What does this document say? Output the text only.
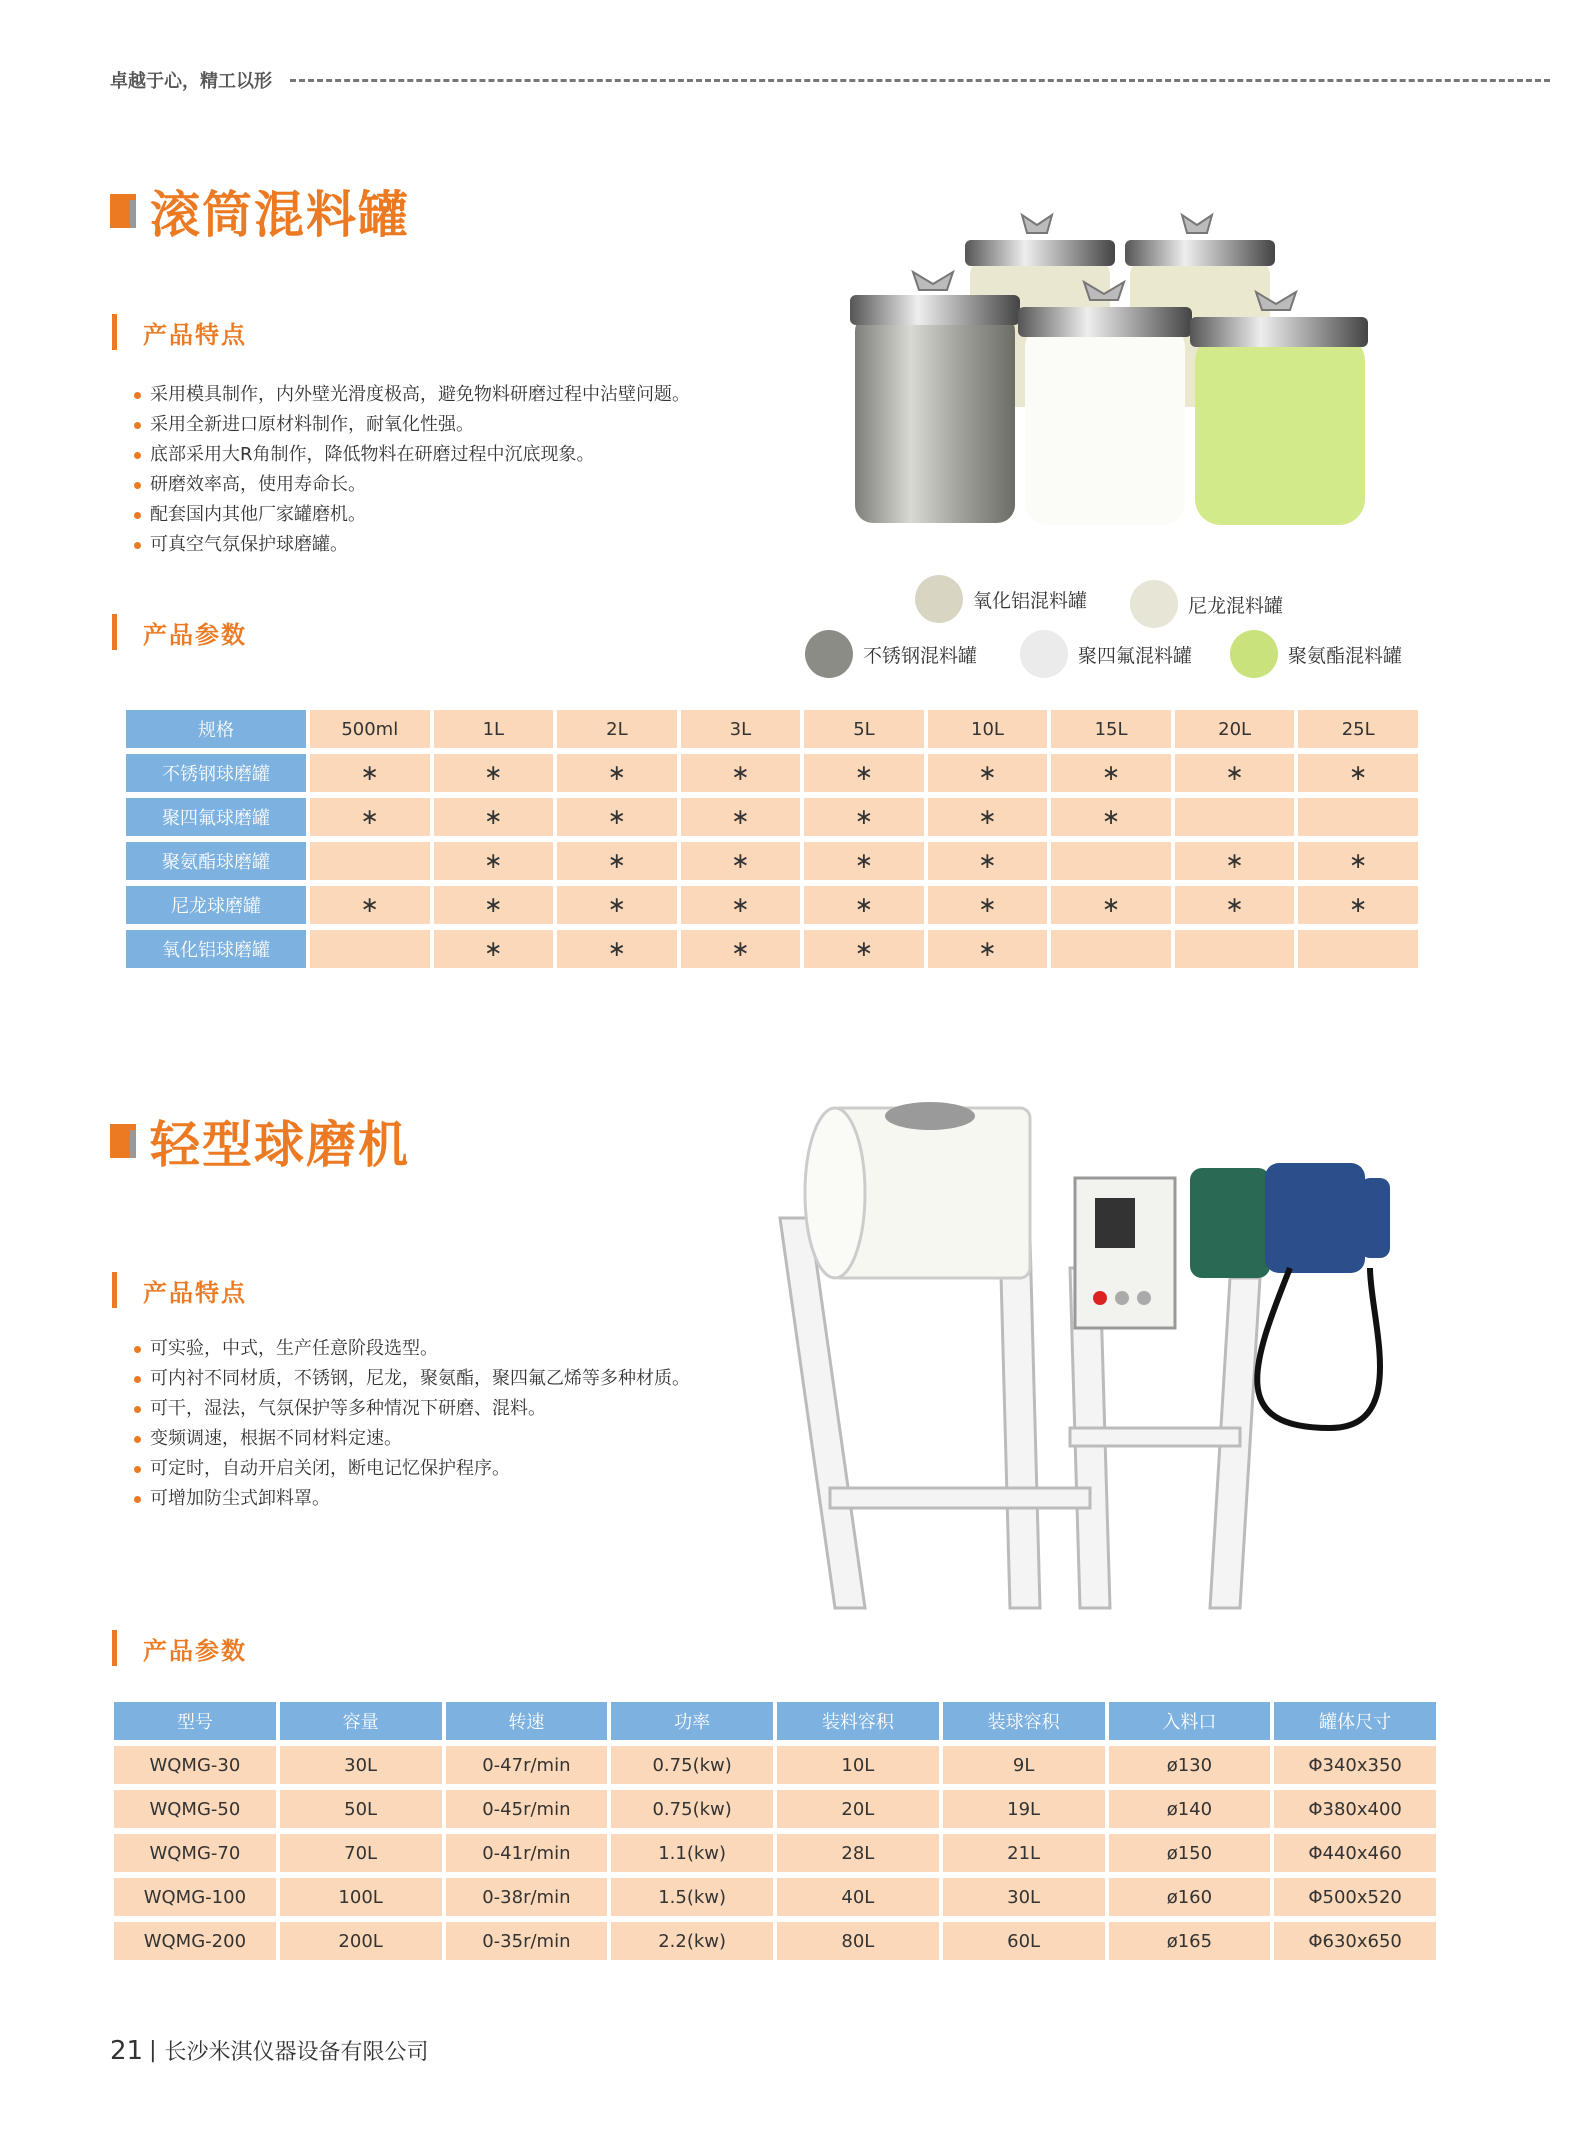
卓越于心，精工以形
滚筒混料罐
产品特点
采用模具制作，内外壁光滑度极高，避免物料研磨过程中沾壁问题。
采用全新进口原材料制作，耐氧化性强。
底部采用大R角制作，降低物料在研磨过程中沉底现象。
研磨效率高，使用寿命长。
配套国内其他厂家罐磨机。
可真空气氛保护球磨罐。
产品参数
氧化铝混料罐	尼龙混料罐
不锈钢混料罐	聚四氟混料罐	聚氨酯混料罐
规格	500ml	1L	2L	3L	5L	10L	15L	20L	25L
不锈钢球磨罐	∗	∗	∗	∗	∗	∗	∗	∗	∗
聚四氟球磨罐	∗	∗	∗	∗	∗	∗	∗		
聚氨酯球磨罐		∗	∗	∗	∗	∗		∗	∗
尼龙球磨罐	∗	∗	∗	∗	∗	∗	∗	∗	∗
氧化铝球磨罐		∗	∗	∗	∗	∗			
轻型球磨机
产品特点
可实验，中式，生产任意阶段选型。
可内衬不同材质，不锈钢，尼龙，聚氨酯，聚四氟乙烯等多种材质。
可干，湿法，气氛保护等多种情况下研磨、混料。
变频调速，根据不同材料定速。
可定时，自动开启关闭，断电记忆保护程序。
可增加防尘式卸料罩。
产品参数
型号	容量	转速	功率	装料容积	装球容积	入料口	罐体尺寸
WQMG-30	30L	0-47r/min	0.75(kw)	10L	9L	ø130	Φ340x350
WQMG-50	50L	0-45r/min	0.75(kw)	20L	19L	ø140	Φ380x400
WQMG-70	70L	0-41r/min	1.1(kw)	28L	21L	ø150	Φ440x460
WQMG-100	100L	0-38r/min	1.5(kw)	40L	30L	ø160	Φ500x520
WQMG-200	200L	0-35r/min	2.2(kw)	80L	60L	ø165	Φ630x650
21 | 长沙米淇仪器设备有限公司
